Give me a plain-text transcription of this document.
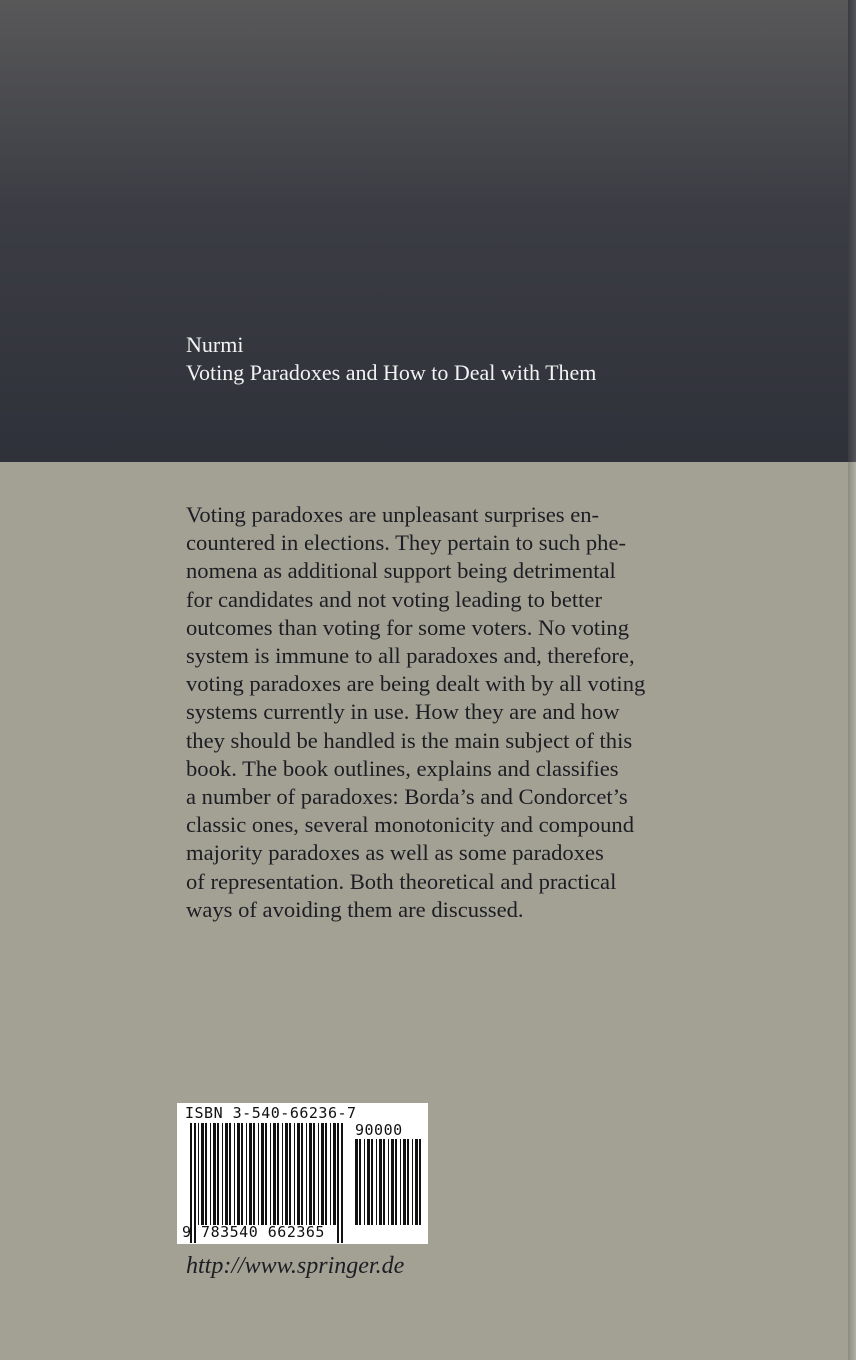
Nurmi
Voting Paradoxes and How to Deal with Them
Voting paradoxes are unpleasant surprises en-
countered in elections. They pertain to such phe-
nomena as additional support being detrimental
for candidates and not voting leading to better
outcomes than voting for some voters. No voting
system is immune to all paradoxes and, therefore,
voting paradoxes are being dealt with by all voting
systems currently in use. How they are and how
they should be handled is the main subject of this
book. The book outlines, explains and classifies
a number of paradoxes: Borda’s and Condorcet’s
classic ones, several monotonicity and compound
majority paradoxes as well as some paradoxes
of representation. Both theoretical and practical
ways of avoiding them are discussed.
ISBN 3-540-66236-7
90000
9 783540 662365
http://www.springer.de
